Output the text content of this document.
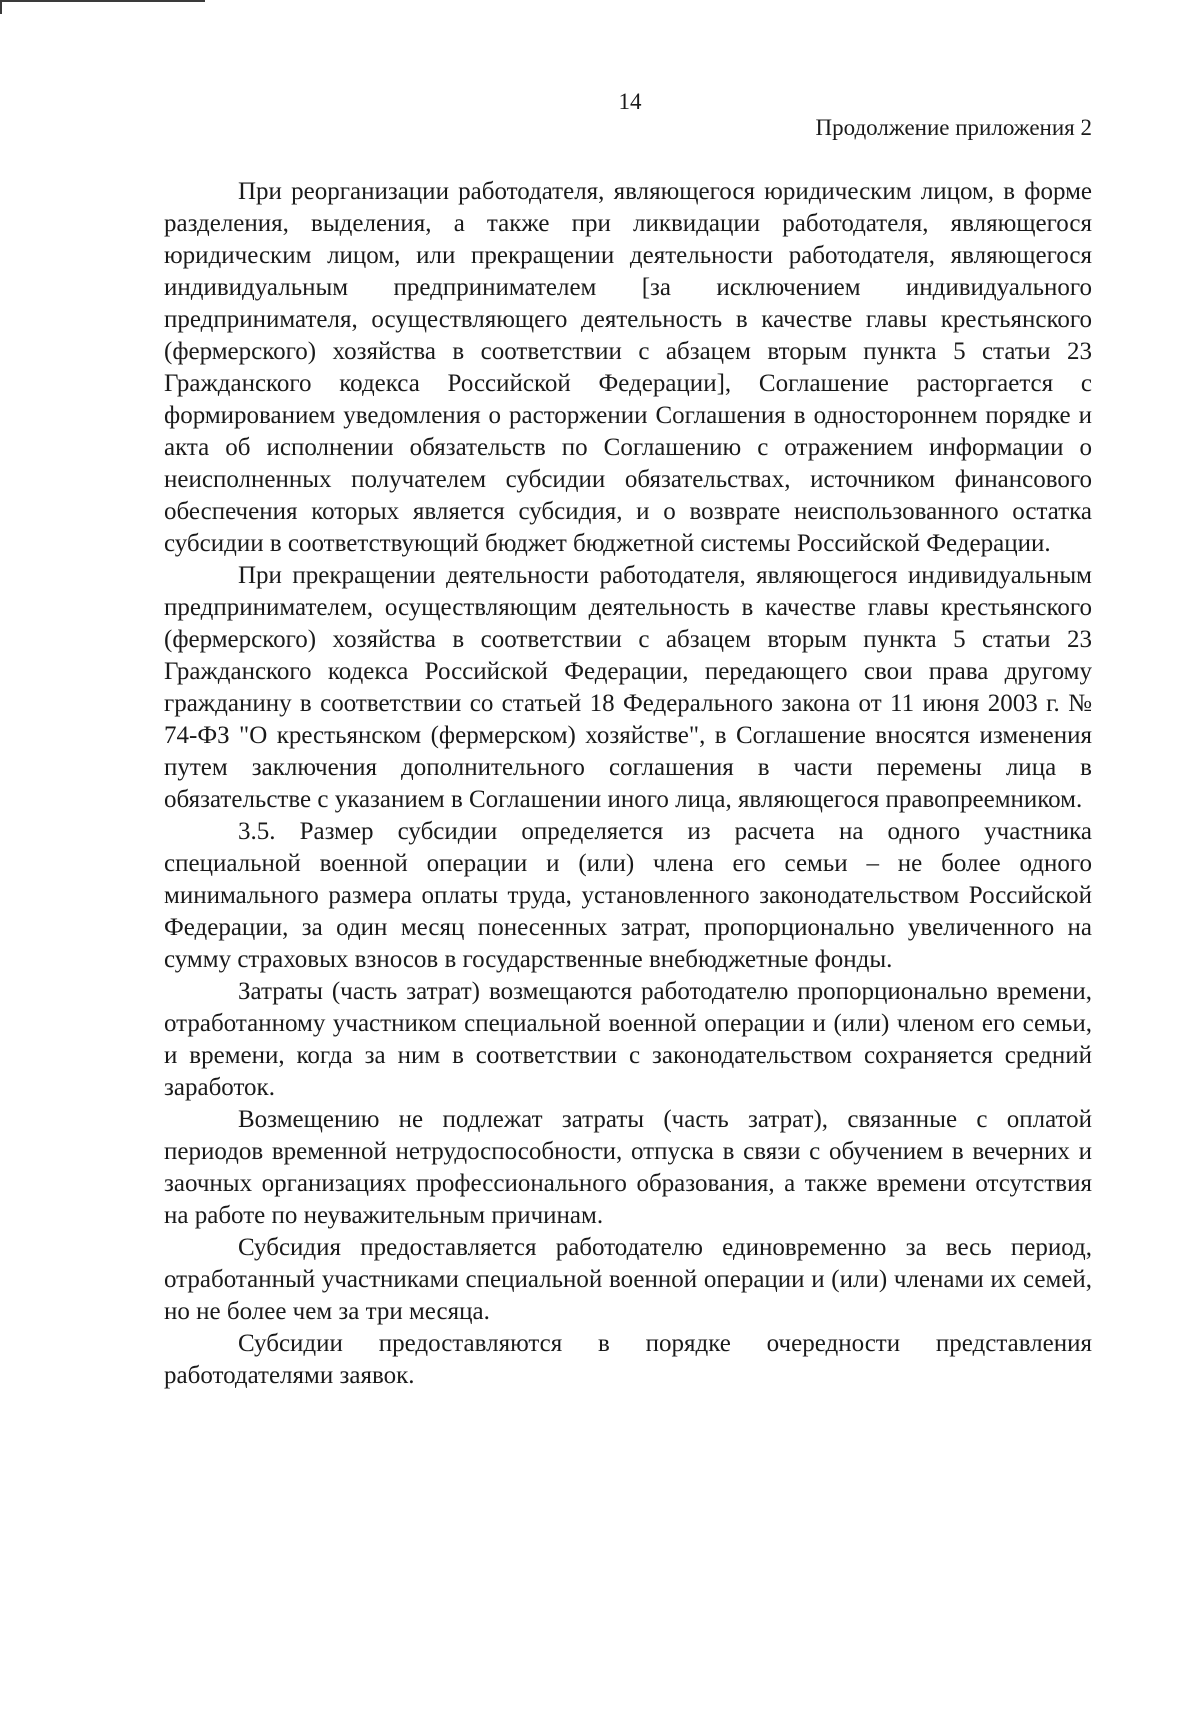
14
Продолжение приложения 2

При реорганизации работодателя, являющегося юридическим лицом, в форме разделения, выделения, а также при ликвидации работодателя, являющегося юридическим лицом, или прекращении деятельности работодателя, являющегося индивидуальным предпринимателем [за исключением индивидуального предпринимателя, осуществляющего деятельность в качестве главы крестьянского (фермерского) хозяйства в соответствии с абзацем вторым пункта 5 статьи 23 Гражданского кодекса Российской Федерации], Соглашение расторгается с формированием уведомления о расторжении Соглашения в одностороннем порядке и акта об исполнении обязательств по Соглашению с отражением информации о неисполненных получателем субсидии обязательствах, источником финансового обеспечения которых является субсидия, и о возврате неиспользованного остатка субсидии в соответствующий бюджет бюджетной системы Российской Федерации.

При прекращении деятельности работодателя, являющегося индивидуальным предпринимателем, осуществляющим деятельность в качестве главы крестьянского (фермерского) хозяйства в соответствии с абзацем вторым пункта 5 статьи 23 Гражданского кодекса Российской Федерации, передающего свои права другому гражданину в соответствии со статьей 18 Федерального закона от 11 июня 2003 г. № 74-ФЗ "О крестьянском (фермерском) хозяйстве", в Соглашение вносятся изменения путем заключения дополнительного соглашения в части перемены лица в обязательстве с указанием в Соглашении иного лица, являющегося правопреемником.

3.5. Размер субсидии определяется из расчета на одного участника специальной военной операции и (или) члена его семьи – не более одного минимального размера оплаты труда, установленного законодательством Российской Федерации, за один месяц понесенных затрат, пропорционально увеличенного на сумму страховых взносов в государственные внебюджетные фонды.

Затраты (часть затрат) возмещаются работодателю пропорционально времени, отработанному участником специальной военной операции и (или) членом его семьи, и времени, когда за ним в соответствии с законодательством сохраняется средний заработок.

Возмещению не подлежат затраты (часть затрат), связанные с оплатой периодов временной нетрудоспособности, отпуска в связи с обучением в вечерних и заочных организациях профессионального образования, а также времени отсутствия на работе по неуважительным причинам.

Субсидия предоставляется работодателю единовременно за весь период, отработанный участниками специальной военной операции и (или) членами их семей, но не более чем за три месяца.

Субсидии предоставляются в порядке очередности представления работодателями заявок.
